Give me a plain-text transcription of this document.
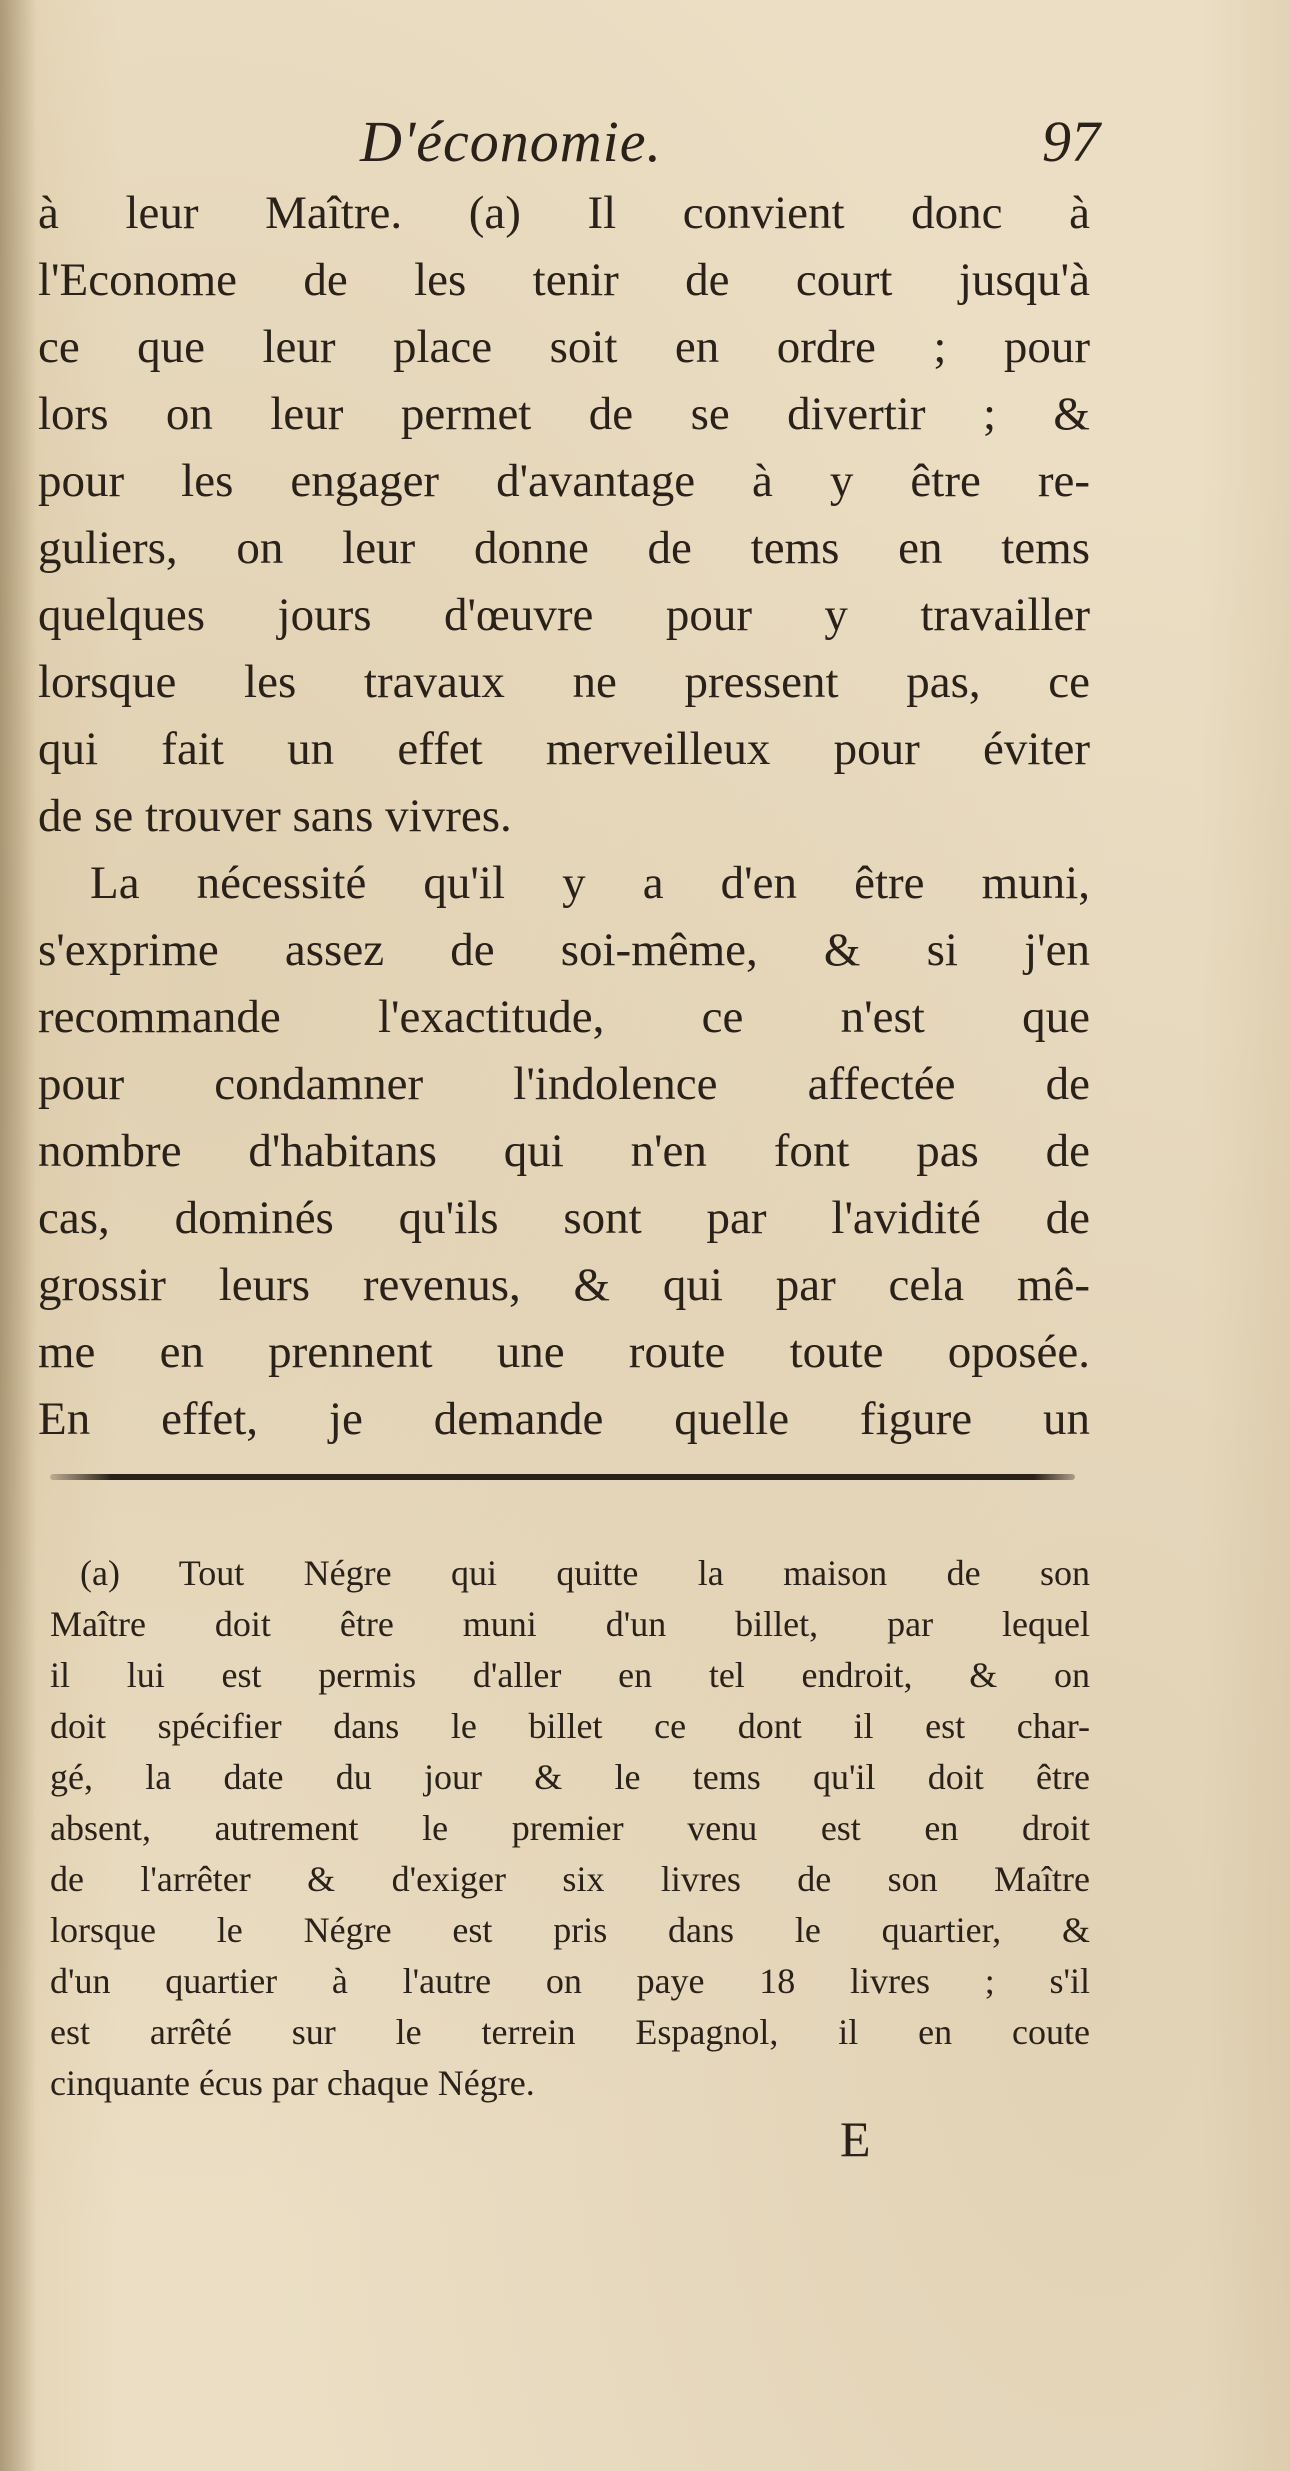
D'économie.	97
à leur Maître. (a) Il convient donc à
l'Econome de les tenir de court jusqu'à
ce que leur place soit en ordre ; pour
lors on leur permet de se divertir ; &
pour les engager d'avantage à y être re-
guliers, on leur donne de tems en tems
quelques jours d'œuvre pour y travailler
lorsque les travaux ne pressent pas, ce
qui fait un effet merveilleux pour éviter
de se trouver sans vivres.
La nécessité qu'il y a d'en être muni,
s'exprime assez de soi-même, & si j'en
recommande l'exactitude, ce n'est que
pour condamner l'indolence affectée de
nombre d'habitans qui n'en font pas de
cas, dominés qu'ils sont par l'avidité de
grossir leurs revenus, & qui par cela mê-
me en prennent une route toute oposée.
En effet, je demande quelle figure un
(a) Tout Négre qui quitte la maison de son
Maître doit être muni d'un billet, par lequel
il lui est permis d'aller en tel endroit, & on
doit spécifier dans le billet ce dont il est char-
gé, la date du jour & le tems qu'il doit être
absent, autrement le premier venu est en droit
de l'arrêter & d'exiger six livres de son Maître
lorsque le Négre est pris dans le quartier, &
d'un quartier à l'autre on paye 18 livres ; s'il
est arrêté sur le terrein Espagnol, il en coute
cinquante écus par chaque Négre.
E
